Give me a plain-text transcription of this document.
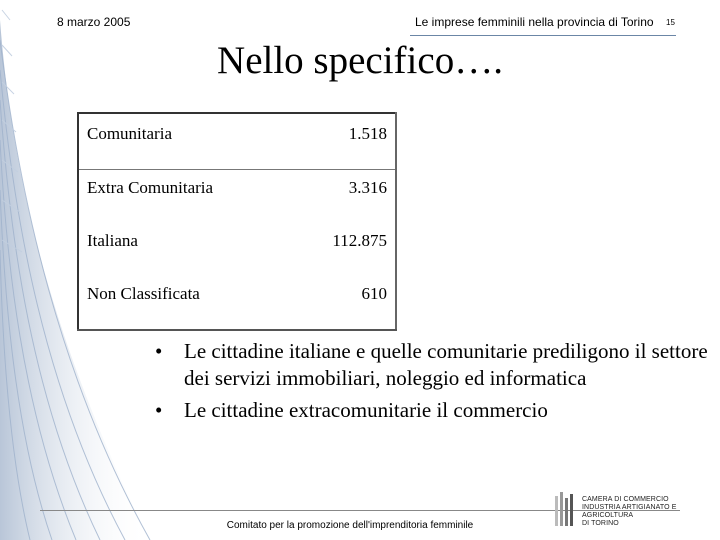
8 marzo 2005	Le imprese femminili nella provincia di Torino 15
Nello specifico….
Comunitaria	1.518
Extra Comunitaria	3.316
Italiana	112.875
Non Classificata	610
• Le cittadine italiane e quelle comunitarie prediligono il settore dei servizi immobiliari, noleggio ed informatica
• Le cittadine extracomunitarie il commercio
Comitato per la promozione dell'imprenditoria femminile
CAMERA DI COMMERCIO
INDUSTRIA ARTIGIANATO E AGRICOLTURA
DI TORINO
